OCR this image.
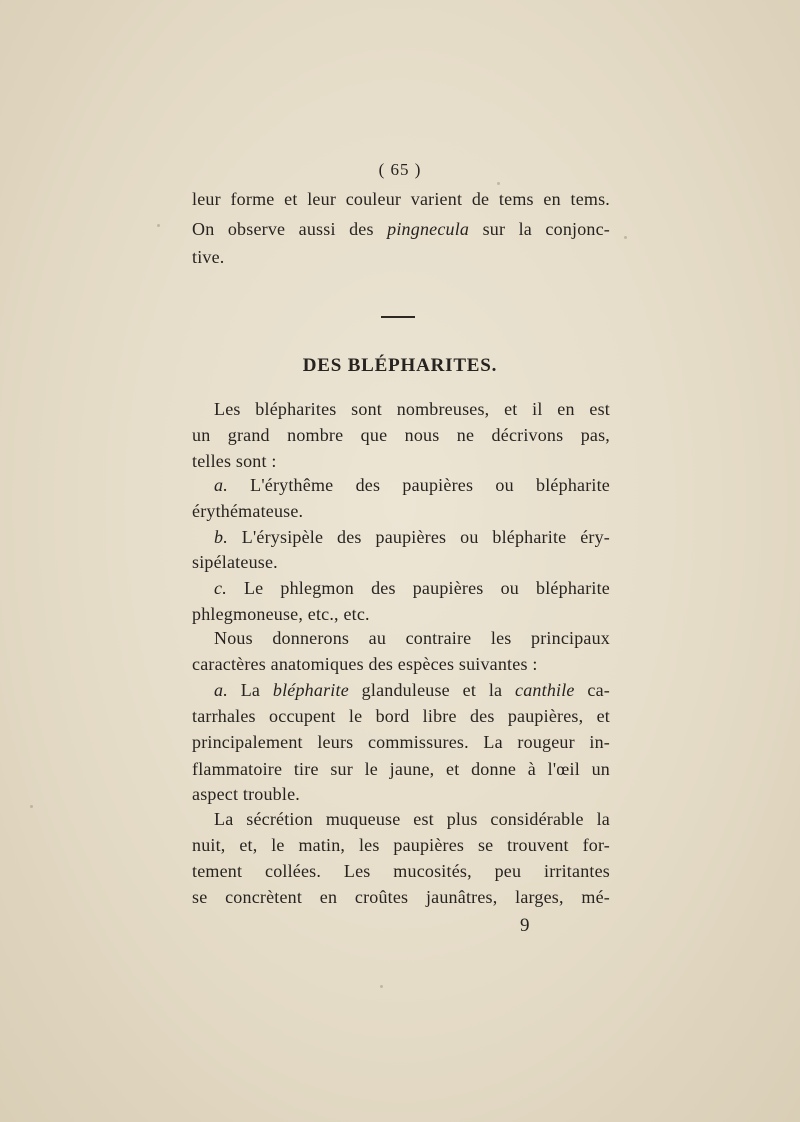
( 65 )
leur forme et leur couleur varient de tems en tems.
On observe aussi des pingnecula sur la conjonc-
tive.
DES BLÉPHARITES.
Les blépharites sont nombreuses, et il en est
un grand nombre que nous ne décrivons pas,
telles sont :
a. L'érythême des paupières ou blépharite
érythémateuse.
b. L'érysipèle des paupières ou blépharite éry-
sipélateuse.
c. Le phlegmon des paupières ou blépharite
phlegmoneuse, etc., etc.
Nous donnerons au contraire les principaux
caractères anatomiques des espèces suivantes :
a. La blépharite glanduleuse et la canthile ca-
tarrhales occupent le bord libre des paupières, et
principalement leurs commissures. La rougeur in-
flammatoire tire sur le jaune, et donne à l'œil un
aspect trouble.
La sécrétion muqueuse est plus considérable la
nuit, et, le matin, les paupières se trouvent for-
tement collées. Les mucosités, peu irritantes
se concrètent en croûtes jaunâtres, larges, mé-
9
